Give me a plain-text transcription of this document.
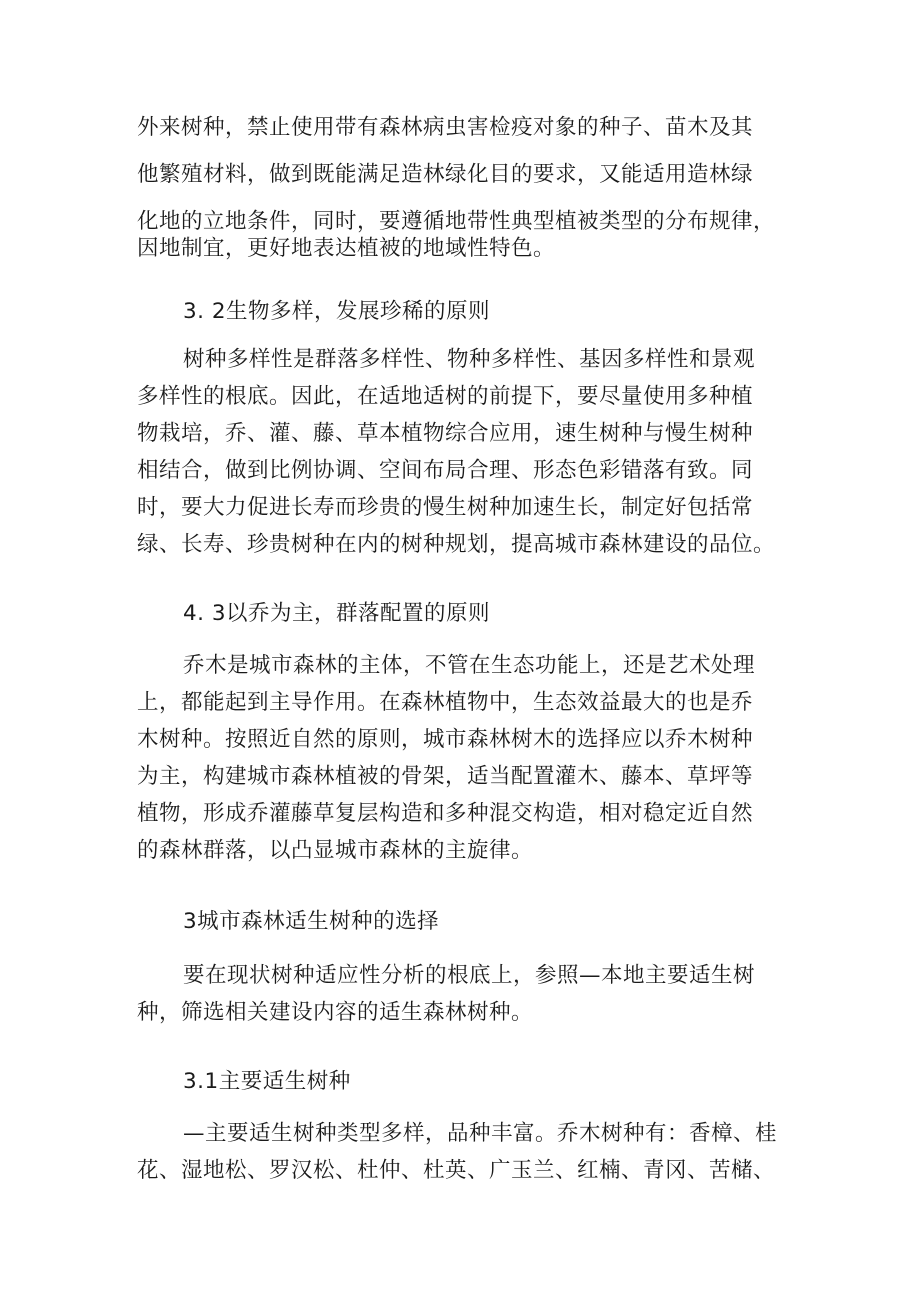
外来树种，禁止使用带有森林病虫害检疫对象的种子、苗木及其
他繁殖材料，做到既能满足造林绿化目的要求，又能适用造林绿
化地的立地条件，同时，要遵循地带性典型植被类型的分布规律，
因地制宜，更好地表达植被的地域性特色。
3. 2生物多样，发展珍稀的原则
树种多样性是群落多样性、物种多样性、基因多样性和景观
多样性的根底。因此，在适地适树的前提下，要尽量使用多种植
物栽培，乔、灌、藤、草本植物综合应用，速生树种与慢生树种
相结合，做到比例协调、空间布局合理、形态色彩错落有致。同
时，要大力促进长寿而珍贵的慢生树种加速生长，制定好包括常
绿、长寿、珍贵树种在内的树种规划，提高城市森林建设的品位。
4. 3以乔为主，群落配置的原则
乔木是城市森林的主体，不管在生态功能上，还是艺术处理
上，都能起到主导作用。在森林植物中，生态效益最大的也是乔
木树种。按照近自然的原则，城市森林树木的选择应以乔木树种
为主，构建城市森林植被的骨架，适当配置灌木、藤本、草坪等
植物，形成乔灌藤草复层构造和多种混交构造，相对稳定近自然
的森林群落，以凸显城市森林的主旋律。
3城市森林适生树种的选择
要在现状树种适应性分析的根底上，参照—本地主要适生树
种，筛选相关建设内容的适生森林树种。
3.1主要适生树种
—主要适生树种类型多样，品种丰富。乔木树种有：香樟、桂
花、湿地松、罗汉松、杜仲、杜英、广玉兰、红楠、青冈、苦槠、
